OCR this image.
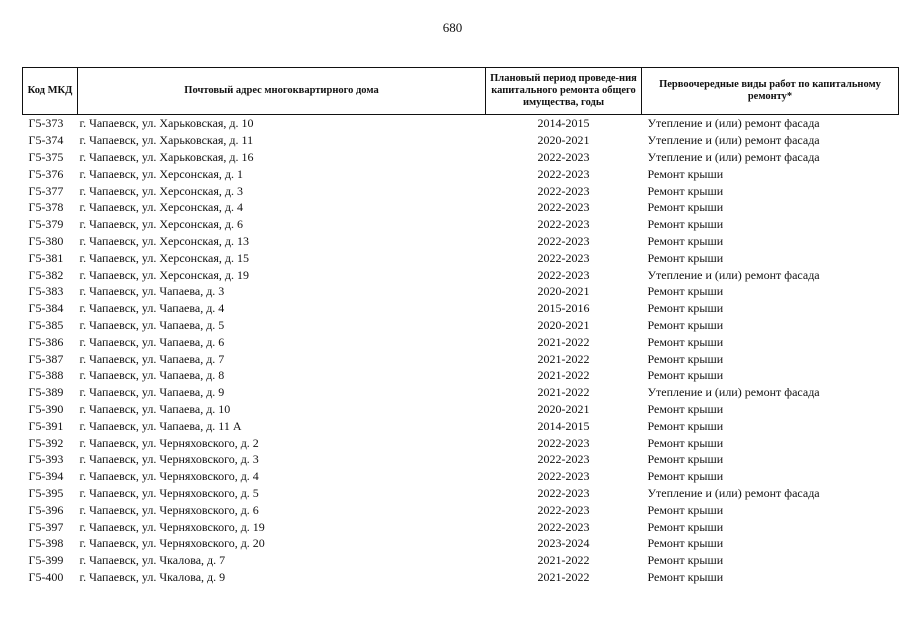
680
Код МКД	Почтовый адрес многоквартирного дома	Плановый период проведе-ния капитального ремонта общего имущества, годы	Первоочередные виды работ по капитальному ремонту*
Г5-373	г. Чапаевск, ул. Харьковская, д. 10	2014-2015	Утепление и (или) ремонт фасада
Г5-374	г. Чапаевск, ул. Харьковская, д. 11	2020-2021	Утепление и (или) ремонт фасада
Г5-375	г. Чапаевск, ул. Харьковская, д. 16	2022-2023	Утепление и (или) ремонт фасада
Г5-376	г. Чапаевск, ул. Херсонская, д. 1	2022-2023	Ремонт крыши
Г5-377	г. Чапаевск, ул. Херсонская, д. 3	2022-2023	Ремонт крыши
Г5-378	г. Чапаевск, ул. Херсонская, д. 4	2022-2023	Ремонт крыши
Г5-379	г. Чапаевск, ул. Херсонская, д. 6	2022-2023	Ремонт крыши
Г5-380	г. Чапаевск, ул. Херсонская, д. 13	2022-2023	Ремонт крыши
Г5-381	г. Чапаевск, ул. Херсонская, д. 15	2022-2023	Ремонт крыши
Г5-382	г. Чапаевск, ул. Херсонская, д. 19	2022-2023	Утепление и (или) ремонт фасада
Г5-383	г. Чапаевск, ул. Чапаева, д. 3	2020-2021	Ремонт крыши
Г5-384	г. Чапаевск, ул. Чапаева, д. 4	2015-2016	Ремонт крыши
Г5-385	г. Чапаевск, ул. Чапаева, д. 5	2020-2021	Ремонт крыши
Г5-386	г. Чапаевск, ул. Чапаева, д. 6	2021-2022	Ремонт крыши
Г5-387	г. Чапаевск, ул. Чапаева, д. 7	2021-2022	Ремонт крыши
Г5-388	г. Чапаевск, ул. Чапаева, д. 8	2021-2022	Ремонт крыши
Г5-389	г. Чапаевск, ул. Чапаева, д. 9	2021-2022	Утепление и (или) ремонт фасада
Г5-390	г. Чапаевск, ул. Чапаева, д. 10	2020-2021	Ремонт крыши
Г5-391	г. Чапаевск, ул. Чапаева, д. 11 А	2014-2015	Ремонт крыши
Г5-392	г. Чапаевск, ул. Черняховского, д. 2	2022-2023	Ремонт крыши
Г5-393	г. Чапаевск, ул. Черняховского, д. 3	2022-2023	Ремонт крыши
Г5-394	г. Чапаевск, ул. Черняховского, д. 4	2022-2023	Ремонт крыши
Г5-395	г. Чапаевск, ул. Черняховского, д. 5	2022-2023	Утепление и (или) ремонт фасада
Г5-396	г. Чапаевск, ул. Черняховского, д. 6	2022-2023	Ремонт крыши
Г5-397	г. Чапаевск, ул. Черняховского, д. 19	2022-2023	Ремонт крыши
Г5-398	г. Чапаевск, ул. Черняховского, д. 20	2023-2024	Ремонт крыши
Г5-399	г. Чапаевск, ул. Чкалова, д. 7	2021-2022	Ремонт крыши
Г5-400	г. Чапаевск, ул. Чкалова, д. 9	2021-2022	Ремонт крыши
